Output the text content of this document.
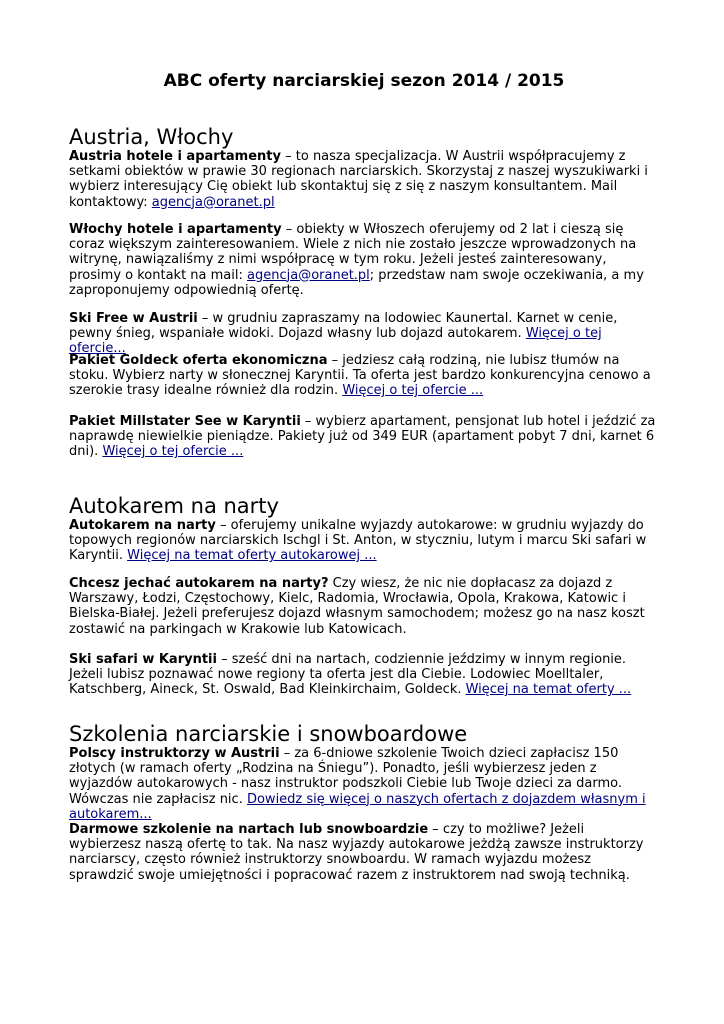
ABC oferty narciarskiej sezon 2014 / 2015
Austria, Włochy
Austria hotele i apartamenty – to nasza specjalizacja. W Austrii współpracujemy z setkami obiektów w prawie 30 regionach narciarskich. Skorzystaj z naszej wyszukiwarki i wybierz interesujący Cię obiekt lub skontaktuj się z się z naszym konsultantem. Mail kontaktowy: agencja@oranet.pl
Włochy hotele i apartamenty – obiekty w Włoszech oferujemy od 2 lat i cieszą się coraz większym zainteresowaniem. Wiele z nich nie zostało jeszcze wprowadzonych na witrynę, nawiązaliśmy z nimi współpracę w tym roku. Jeżeli jesteś zainteresowany, prosimy o kontakt na mail: agencja@oranet.pl; przedstaw nam swoje oczekiwania, a my zaproponujemy odpowiednią ofertę.
Ski Free w Austrii – w grudniu zapraszamy na lodowiec Kaunertal. Karnet w cenie, pewny śnieg, wspaniałe widoki. Dojazd własny lub dojazd autokarem. Więcej o tej ofercie...
Pakiet Goldeck oferta ekonomiczna – jedziesz całą rodziną, nie lubisz tłumów na stoku. Wybierz narty w słonecznej Karyntii. Ta oferta jest bardzo konkurencyjna cenowo a szerokie trasy idealne również dla rodzin. Więcej o tej ofercie ...
Pakiet Millstater See w Karyntii – wybierz apartament, pensjonat lub hotel i jeździć za naprawdę niewielkie pieniądze. Pakiety już od 349 EUR (apartament pobyt 7 dni, karnet 6 dni). Więcej o tej ofercie ...
Autokarem na narty
Autokarem na narty – oferujemy unikalne wyjazdy autokarowe: w grudniu wyjazdy do topowych regionów narciarskich Ischgl i St. Anton, w styczniu, lutym i marcu Ski safari w Karyntii. Więcej na temat oferty autokarowej ...
Chcesz jechać autokarem na narty? Czy wiesz, że nic nie dopłacasz za dojazd z Warszawy, Łodzi, Częstochowy, Kielc, Radomia, Wrocławia, Opola, Krakowa, Katowic i Bielska-Białej. Jeżeli preferujesz dojazd własnym samochodem; możesz go na nasz koszt zostawić na parkingach w Krakowie lub Katowicach.
Ski safari w Karyntii – sześć dni na nartach, codziennie jeździmy w innym regionie. Jeżeli lubisz poznawać nowe regiony ta oferta jest dla Ciebie. Lodowiec Moelltaler, Katschberg, Aineck, St. Oswald, Bad Kleinkirchaim, Goldeck. Więcej na temat oferty ...
Szkolenia narciarskie i snowboardowe
Polscy instruktorzy w Austrii – za 6-dniowe szkolenie Twoich dzieci zapłacisz 150 złotych (w ramach oferty „Rodzina na Śniegu”). Ponadto, jeśli wybierzesz jeden z wyjazdów autokarowych - nasz instruktor podszkoli Ciebie lub Twoje dzieci za darmo. Wówczas nie zapłacisz nic. Dowiedz się więcej o naszych ofertach z dojazdem własnym i autokarem...
Darmowe szkolenie na nartach lub snowboardzie – czy to możliwe? Jeżeli wybierzesz naszą ofertę to tak. Na nasz wyjazdy autokarowe jeżdżą zawsze instruktorzy narciarscy, często również instruktorzy snowboardu. W ramach wyjazdu możesz sprawdzić swoje umiejętności i popracować razem z instruktorem nad swoją techniką.
